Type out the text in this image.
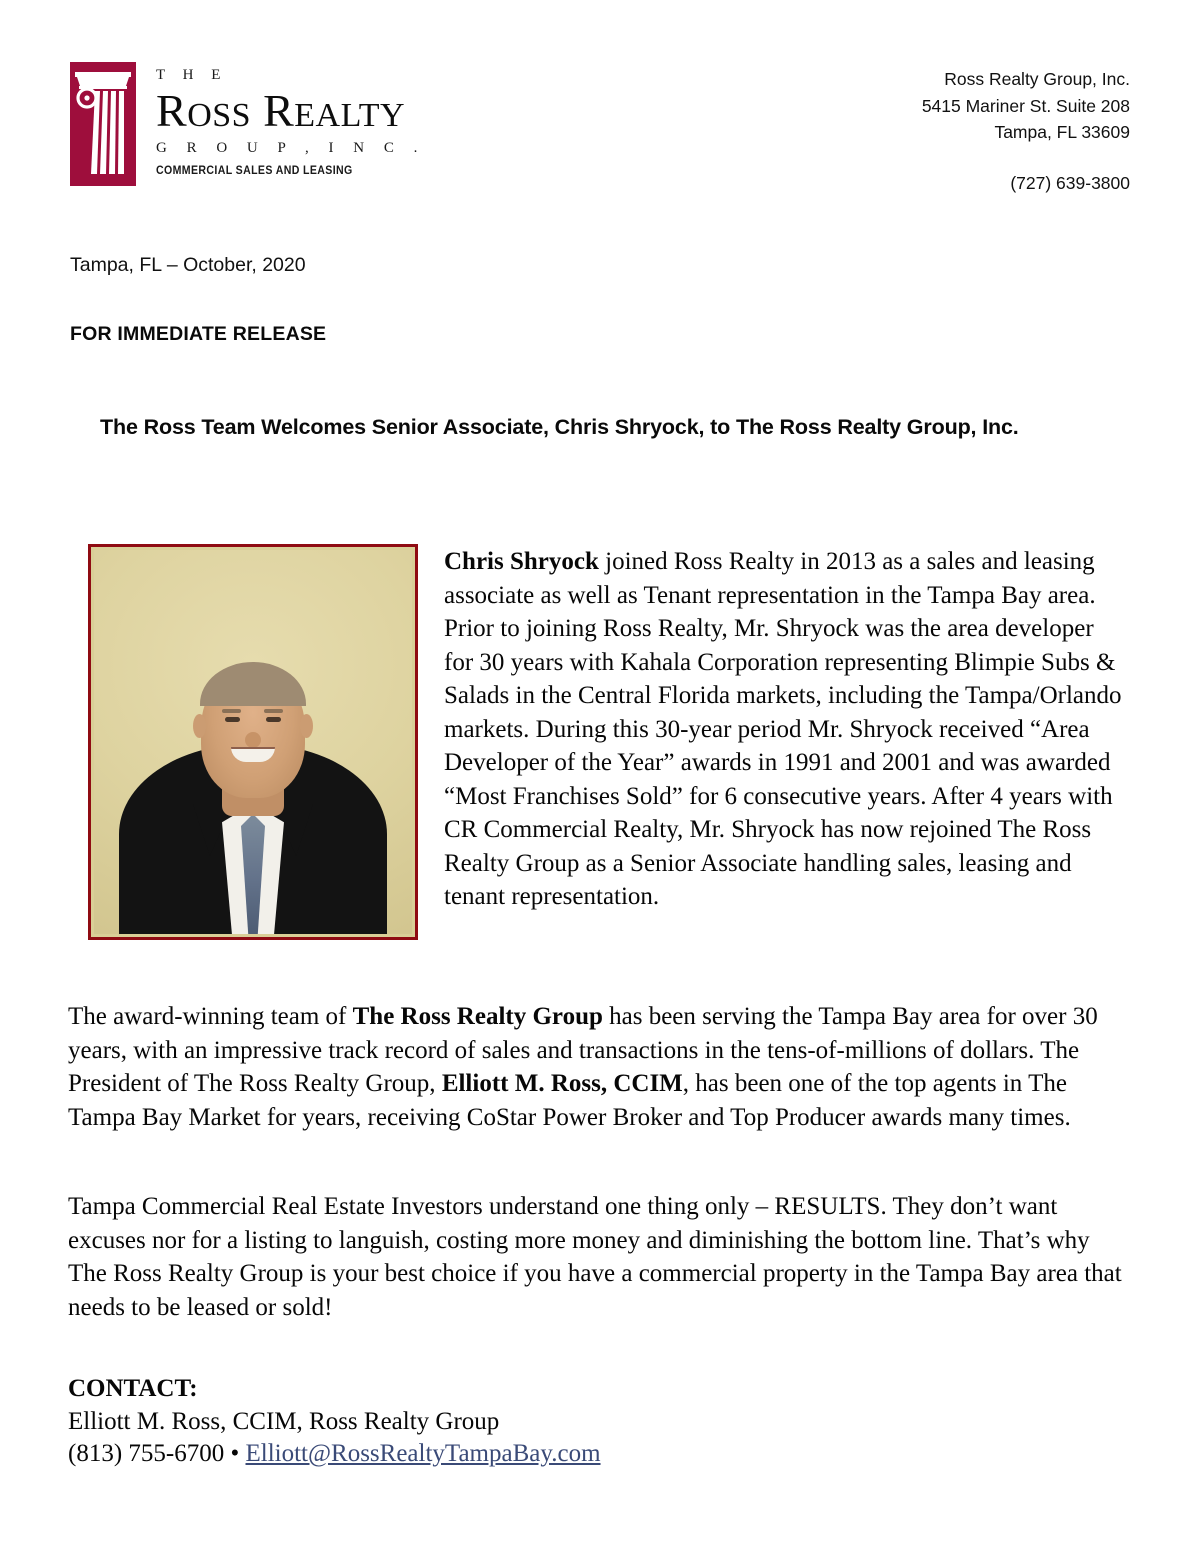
T H E
ROSS REALTY
G R O U P , I N C .
COMMERCIAL SALES AND LEASING
Ross Realty Group, Inc.
5415 Mariner St. Suite 208
Tampa, FL 33609
(727) 639-3800
Tampa, FL – October, 2020
FOR IMMEDIATE RELEASE
The Ross Team Welcomes Senior Associate, Chris Shryock, to The Ross Realty Group, Inc.
Chris Shryock joined Ross Realty in 2013 as a sales and leasing associate as well as Tenant representation in the Tampa Bay area. Prior to joining Ross Realty, Mr. Shryock was the area developer for 30 years with Kahala Corporation representing Blimpie Subs & Salads in the Central Florida markets, including the Tampa/Orlando markets. During this 30-year period Mr. Shryock received “Area Developer of the Year” awards in 1991 and 2001 and was awarded “Most Franchises Sold” for 6 consecutive years. After 4 years with CR Commercial Realty, Mr. Shryock has now rejoined The Ross Realty Group as a Senior Associate handling sales, leasing and tenant representation.
The award-winning team of The Ross Realty Group has been serving the Tampa Bay area for over 30 years, with an impressive track record of sales and transactions in the tens-of-millions of dollars. The President of The Ross Realty Group, Elliott M. Ross, CCIM, has been one of the top agents in The Tampa Bay Market for years, receiving CoStar Power Broker and Top Producer awards many times.
Tampa Commercial Real Estate Investors understand one thing only – RESULTS. They don’t want excuses nor for a listing to languish, costing more money and diminishing the bottom line. That’s why The Ross Realty Group is your best choice if you have a commercial property in the Tampa Bay area that needs to be leased or sold!
CONTACT:
Elliott M. Ross, CCIM, Ross Realty Group
(813) 755-6700 • Elliott@RossRealtyTampaBay.com
